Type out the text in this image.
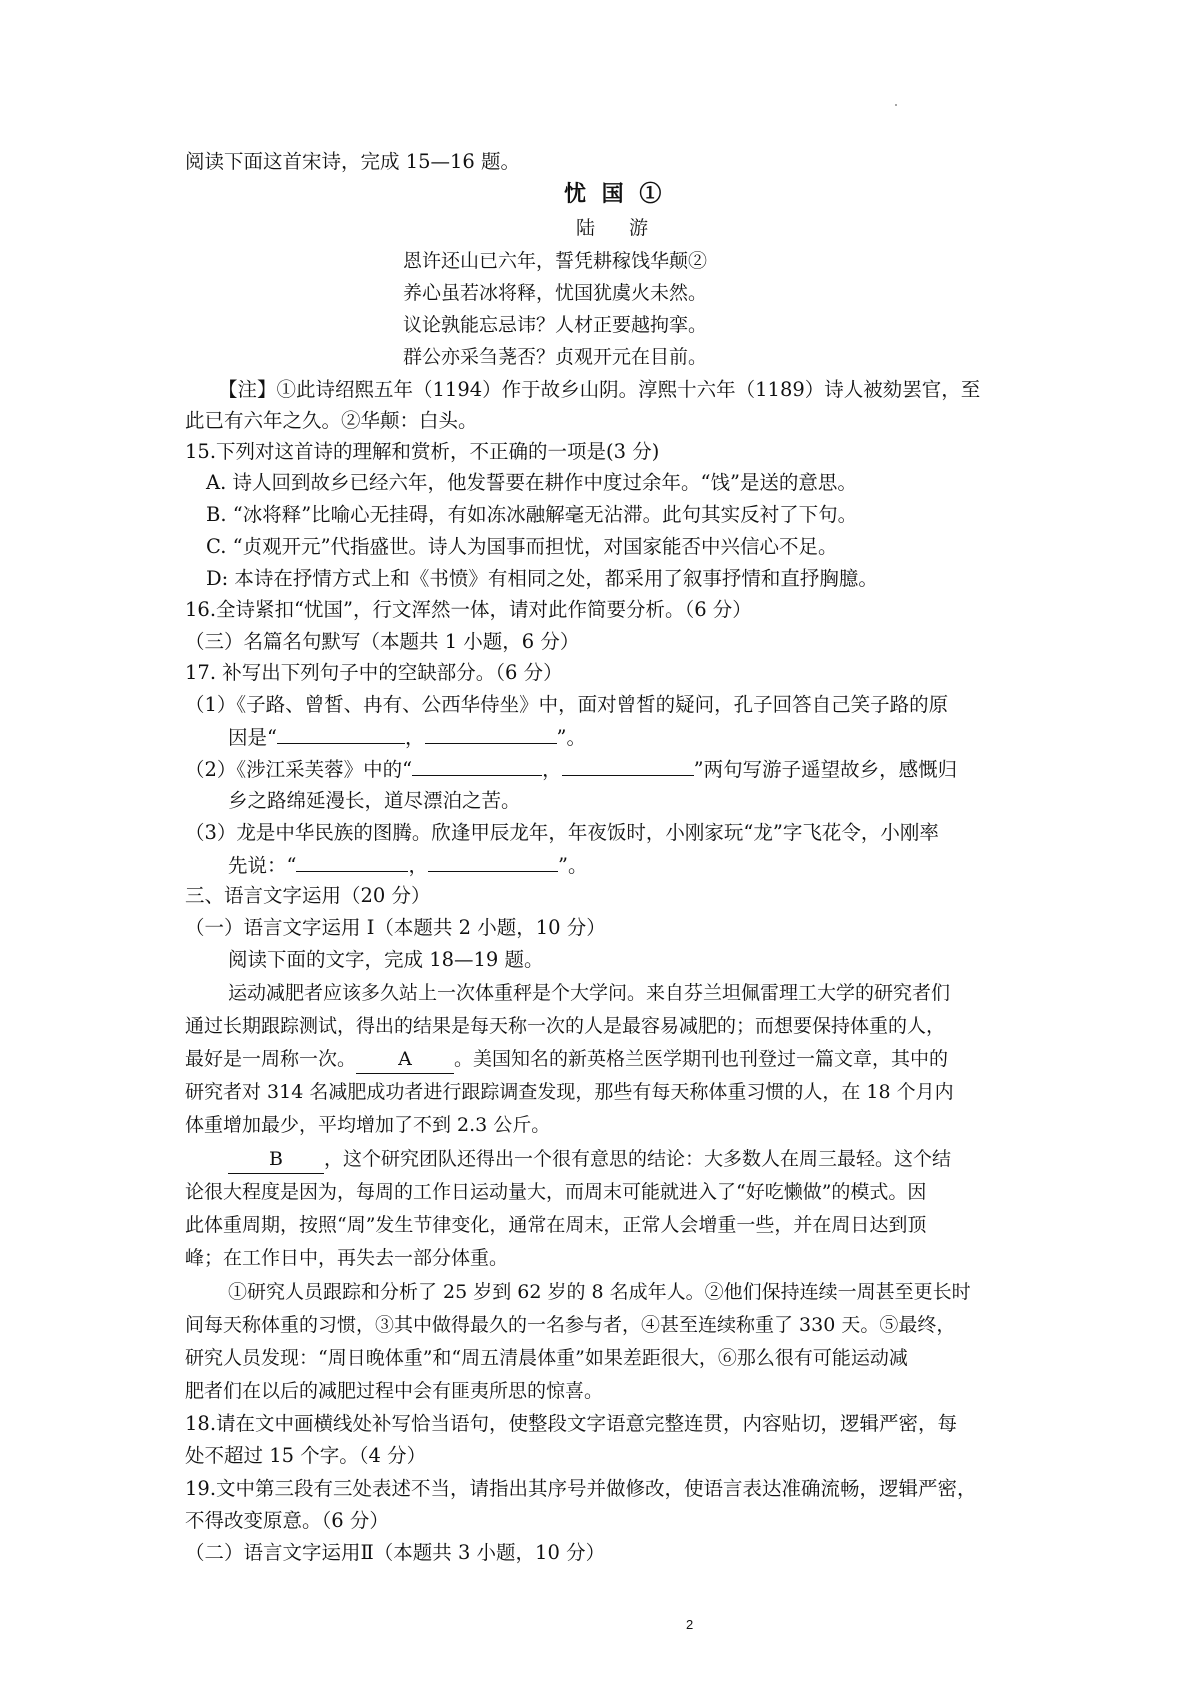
阅读下面这首宋诗，完成 15—16 题。
忧 国 ①
陆 游
恩许还山已六年，誓凭耕稼饯华颠②
养心虽若冰将释，忧国犹虞火未然。
议论孰能忘忌讳？人材正要越拘挛。
群公亦采刍荛否？贞观开元在目前。
【注】①此诗绍熙五年（1194）作于故乡山阴。淳熙十六年（1189）诗人被劾罢官，至
此已有六年之久。②华颠：白头。
15.下列对这首诗的理解和赏析，不正确的一项是(3 分)
A. 诗人回到故乡已经六年，他发誓要在耕作中度过余年。“饯”是送的意思。
B. “冰将释”比喻心无挂碍，有如冻冰融解毫无沾滞。此句其实反衬了下句。
C. “贞观开元”代指盛世。诗人为国事而担忧，对国家能否中兴信心不足。
D: 本诗在抒情方式上和《书愤》有相同之处，都采用了叙事抒情和直抒胸臆。
16.全诗紧扣“忧国”，行文浑然一体，请对此作简要分析。（6 分）
（三）名篇名句默写（本题共 1 小题，6 分）
17. 补写出下列句子中的空缺部分。（6 分）
（1）《子路、曾皙、冉有、公西华侍坐》中，面对曾皙的疑问，孔子回答自己笑子路的原
因是“	，	”。
（2）《涉江采芙蓉》中的“	，	”两句写游子遥望故乡，感慨归
乡之路绵延漫长，道尽漂泊之苦。
（3）龙是中华民族的图腾。欣逢甲辰龙年，年夜饭时，小刚家玩“龙”字飞花令，小刚率
先说：“	，	”。
三、语言文字运用（20 分）
（一）语言文字运用 I（本题共 2 小题，10 分）
阅读下面的文字，完成 18—19 题。
运动减肥者应该多久站上一次体重秤是个大学问。来自芬兰坦佩雷理工大学的研究者们
通过长期跟踪测试，得出的结果是每天称一次的人是最容易减肥的；而想要保持体重的人，
最好是一周称一次。 A 。美国知名的新英格兰医学期刊也刊登过一篇文章，其中的
研究者对 314 名减肥成功者进行跟踪调查发现，那些有每天称体重习惯的人，在 18 个月内
体重增加最少，平均增加了不到 2.3 公斤。
B ，这个研究团队还得出一个很有意思的结论：大多数人在周三最轻。这个结
论很大程度是因为，每周的工作日运动量大，而周末可能就进入了“好吃懒做”的模式。因
此体重周期，按照“周”发生节律变化，通常在周末，正常人会增重一些，并在周日达到顶
峰；在工作日中，再失去一部分体重。
①研究人员跟踪和分析了 25 岁到 62 岁的 8 名成年人。②他们保持连续一周甚至更长时
间每天称体重的习惯，③其中做得最久的一名参与者，④甚至连续称重了 330 天。⑤最终，
研究人员发现：“周日晚体重”和“周五清晨体重”如果差距很大，⑥那么很有可能运动减
肥者们在以后的减肥过程中会有匪夷所思的惊喜。
18.请在文中画横线处补写恰当语句，使整段文字语意完整连贯，内容贴切，逻辑严密，每
处不超过 15 个字。（4 分）
19.文中第三段有三处表述不当，请指出其序号并做修改，使语言表达准确流畅，逻辑严密，
不得改变原意。（6 分）
（二）语言文字运用Ⅱ（本题共 3 小题，10 分）
2
